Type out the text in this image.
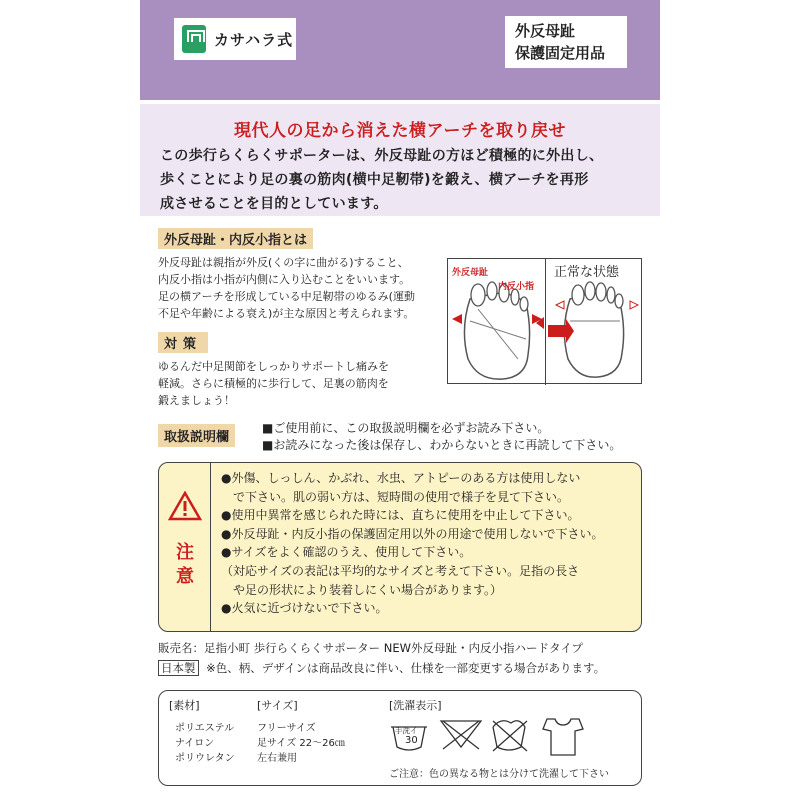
カサハラ式	外反母趾
保護固定用品
現代人の足から消えた横アーチを取り戻せ
この歩行らくらくサポーターは、外反母趾の方ほど積極的に外出し、
歩くことにより足の裏の筋肉(横中足靭帯)を鍛え、横アーチを再形
成させることを目的としています。
外反母趾・内反小指とは
外反母趾は親指が外反(くの字に曲がる)すること、
内反小指は小指が内側に入り込むことをいいます。
足の横アーチを形成している中足靭帯のゆるみ(運動
不足や年齢による衰え)が主な原因と考えられます。
対策
ゆるんだ中足関節をしっかりサポートし痛みを
軽減。さらに積極的に歩行して、足裏の筋肉を
鍛えましょう！
外反母趾
内反小指
正常な状態
取扱説明欄
■ご使用前に、この取扱説明欄を必ずお読み下さい。
■お読みになった後は保存し、わからないときに再読して下さい。
注
意
●外傷、しっしん、かぶれ、水虫、アトピーのある方は使用しない
　で下さい。肌の弱い方は、短時間の使用で様子を見て下さい。
●使用中異常を感じられた時には、直ちに使用を中止して下さい。
●外反母趾・内反小指の保護固定用以外の用途で使用しないで下さい。
●サイズをよく確認のうえ、使用して下さい。
（対応サイズの表記は平均的なサイズと考えて下さい。足指の長さ
　や足の形状により装着しにくい場合があります。）
●火気に近づけないで下さい。
販売名：足指小町 歩行らくらくサポーター NEW外反母趾・内反小指ハードタイプ
日本製 ※色、柄、デザインは商品改良に伴い、仕様を一部変更する場合があります。
[素材]
ポリエステル
ナイロン
ポリウレタン
[サイズ]
フリーサイズ
足サイズ 22～26㎝
左右兼用
[洗濯表示]
手洗イ
30
ご注意：色の異なる物とは分けて洗濯して下さい
